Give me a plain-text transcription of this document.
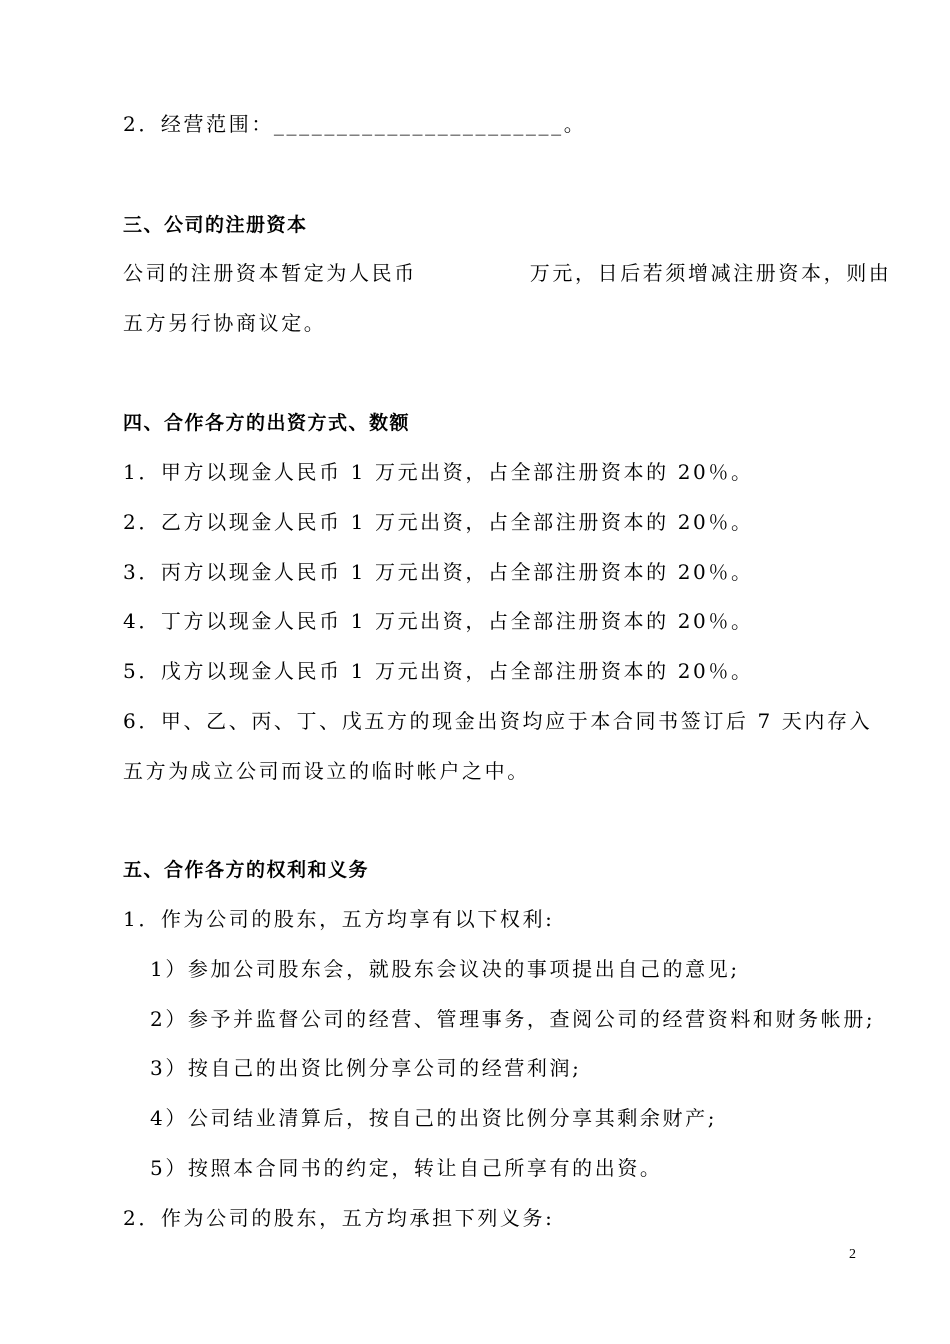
2．经营范围：_______________________。
三、公司的注册资本
公司的注册资本暂定为人民币　　　　　万元，日后若须增减注册资本，则由
五方另行协商议定。
四、合作各方的出资方式、数额
1．甲方以现金人民币 1 万元出资，占全部注册资本的 20％。
2．乙方以现金人民币 1 万元出资，占全部注册资本的 20％。
3．丙方以现金人民币 1 万元出资，占全部注册资本的 20％。
4．丁方以现金人民币 1 万元出资，占全部注册资本的 20％。
5．戊方以现金人民币 1 万元出资，占全部注册资本的 20％。
6．甲、乙、丙、丁、戊五方的现金出资均应于本合同书签订后 7 天内存入
五方为成立公司而设立的临时帐户之中。
五、合作各方的权利和义务
1．作为公司的股东，五方均享有以下权利:
1）参加公司股东会，就股东会议决的事项提出自己的意见;
2）参予并监督公司的经营、管理事务，查阅公司的经营资料和财务帐册;
3）按自己的出资比例分享公司的经营利润;
4）公司结业清算后，按自己的出资比例分享其剩余财产;
5）按照本合同书的约定，转让自己所享有的出资。
2．作为公司的股东，五方均承担下列义务:
2
